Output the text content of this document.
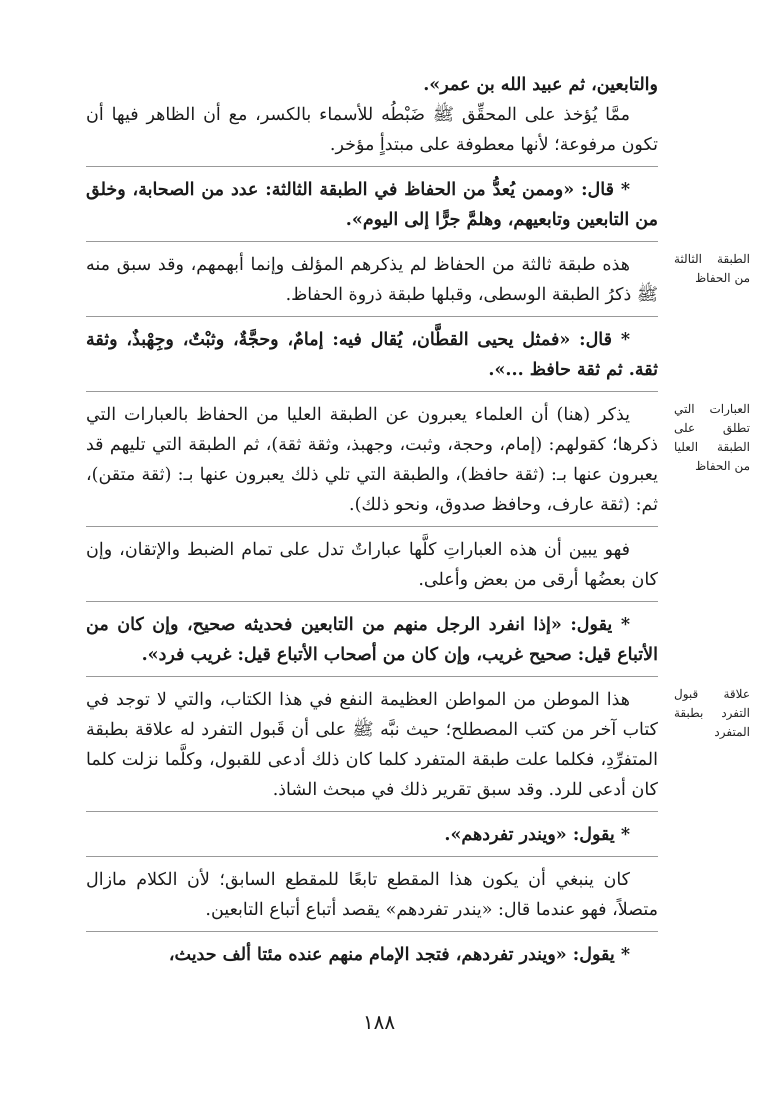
والتابعين، ثم عبيد الله بن عمر».

ممَّا يُؤخذ على المحقِّق ﷺ ضَبْطُه للأسماء بالكسر، مع أن الظاهر فيها أن تكون مرفوعة؛ لأنها معطوفة على مبتدأٍ مؤخر.

* قال: «وممن يُعدُّ من الحفاظ في الطبقة الثالثة: عدد من الصحابة، وخلق من التابعين وتابعيهم، وهلمَّ جرًّا إلى اليوم».

الطبقة الثالثة من الحفاظ

هذه طبقة ثالثة من الحفاظ لم يذكرهم المؤلف وإنما أبهمهم، وقد سبق منه ﷺ ذكرُ الطبقة الوسطى، وقبلها طبقة ذروة الحفاظ.

* قال: «فمثل يحيى القطَّان، يُقال فيه: إمامٌ، وحجَّةٌ، وثبْتٌ، وجِهْبذٌ، وثقة ثقة. ثم ثقة حافظ ...».

العبارات التي تطلق على الطبقة العليا من الحفاظ

يذكر (هنا) أن العلماء يعبرون عن الطبقة العليا من الحفاظ بالعبارات التي ذكرها؛ كقولهم: (إمام، وحجة، وثبت، وجهبذ، وثقة ثقة)، ثم الطبقة التي تليهم قد يعبرون عنها بـ: (ثقة حافظ)، والطبقة التي تلي ذلك يعبرون عنها بـ: (ثقة متقن)، ثم: (ثقة عارف، وحافظ صدوق، ونحو ذلك).

فهو يبين أن هذه العباراتِ كلَّها عباراتٌ تدل على تمام الضبط والإتقان، وإن كان بعضُها أرقى من بعض وأعلى.

* يقول: «إذا انفرد الرجل منهم من التابعين فحديثه صحيح، وإن كان من الأتباع قيل: صحيح غريب، وإن كان من أصحاب الأتباع قيل: غريب فرد».

علاقة قبول التفرد بطبقة المتفرد

هذا الموطن من المواطن العظيمة النفع في هذا الكتاب، والتي لا توجد في كتاب آخر من كتب المصطلح؛ حيث نبَّه ﷺ على أن قَبول التفرد له علاقة بطبقة المتفرِّدِ، فكلما علت طبقة المتفرد كلما كان ذلك أدعى للقبول، وكلَّما نزلت كلما كان أدعى للرد. وقد سبق تقرير ذلك في مبحث الشاذ.

* يقول: «ويندر تفردهم».

كان ينبغي أن يكون هذا المقطع تابعًا للمقطع السابق؛ لأن الكلام مازال متصلاً، فهو عندما قال: «يندر تفردهم» يقصد أتباع أتباع التابعين.

* يقول: «ويندر تفردهم، فتجد الإمام منهم عنده مئتا ألف حديث،

١٨٨
